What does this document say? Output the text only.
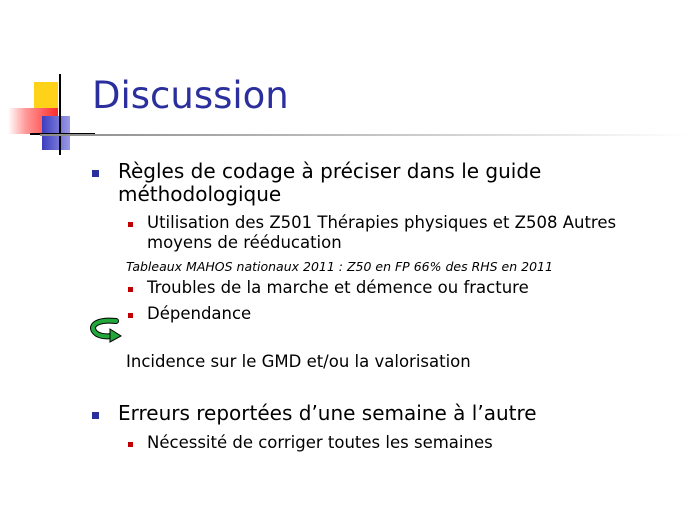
Discussion
Règles de codage à préciser dans le guide
méthodologique
Utilisation des Z501 Thérapies physiques et Z508 Autres
moyens de rééducation
Tableaux MAHOS nationaux 2011 : Z50 en FP 66% des RHS en 2011
Troubles de la marche et démence ou fracture
Dépendance
Incidence sur le GMD et/ou la valorisation
Erreurs reportées d’une semaine à l’autre
Nécessité de corriger toutes les semaines
